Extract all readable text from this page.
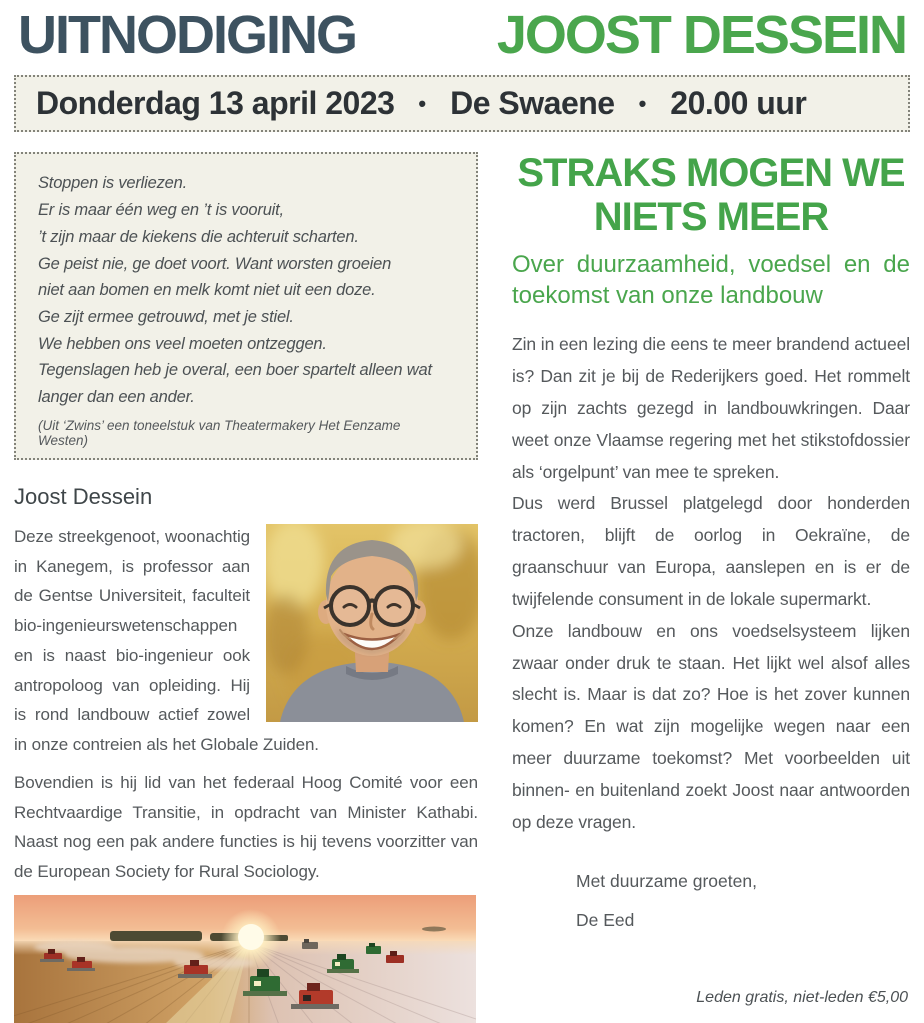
UITNODIGING	JOOST DESSEIN
Donderdag 13 april 2023 • De Swaene • 20.00 uur
Stoppen is verliezen.
Er is maar één weg en ’t is vooruit,
’t zijn maar de kiekens die achteruit scharten.
Ge peist nie, ge doet voort. Want worsten groeien
niet aan bomen en melk komt niet uit een doze.
Ge zijt ermee getrouwd, met je stiel.
We hebben ons veel moeten ontzeggen.
Tegenslagen heb je overal, een boer spartelt alleen wat
langer dan een ander.
(Uit ‘Zwins’ een toneelstuk van Theatermakery Het Eenzame Westen)
Joost Dessein

Deze streekgenoot, woonachtig in Kanegem, is professor aan de Gentse Universiteit, faculteit bio-ingenieurswetenschappen en is naast bio-ingenieur ook antropoloog van opleiding. Hij is rond landbouw actief zowel in onze contreien als het Globale Zuiden.

Bovendien is hij lid van het federaal Hoog Comité voor een Rechtvaardige Transitie, in opdracht van Minister Kathabi. Naast nog een pak andere functies is hij tevens voorzitter van de European Society for Rural Sociology.

STRAKS MOGEN WE
NIETS MEER
Over duurzaamheid, voedsel en de toekomst van onze landbouw

Zin in een lezing die eens te meer brandend actueel is? Dan zit je bij de Rederijkers goed. Het rommelt op zijn zachts gezegd in landbouwkringen. Daar weet onze Vlaamse regering met het stikstofdossier als ‘orgelpunt’ van mee te spreken.

Dus werd Brussel platgelegd door honderden tractoren, blijft de oorlog in Oekraïne, de graanschuur van Europa, aanslepen en is er de twijfelende consument in de lokale supermarkt.

Onze landbouw en ons voedselsysteem lijken zwaar onder druk te staan. Het lijkt wel alsof alles slecht is. Maar is dat zo? Hoe is het zover kunnen komen? En wat zijn mogelijke wegen naar een meer duurzame toekomst? Met voorbeelden uit binnen- en buitenland zoekt Joost naar antwoorden op deze vragen.

Met duurzame groeten,
De Eed
Leden gratis, niet-leden €5,00
